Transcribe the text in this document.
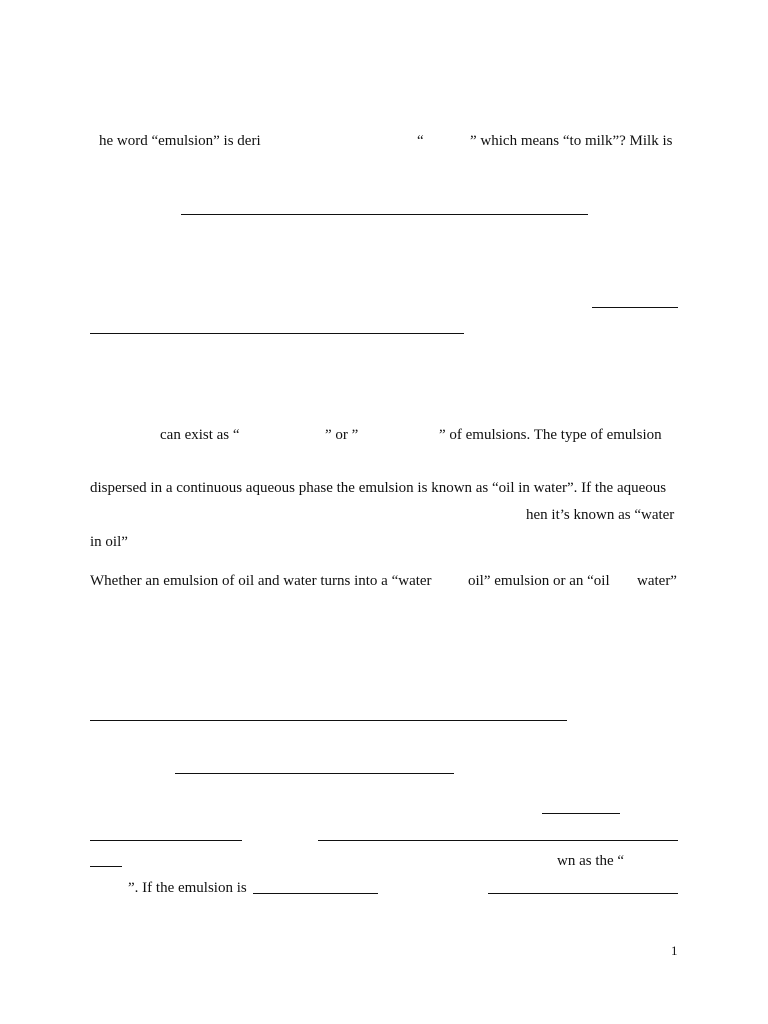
he word “emulsion” is deri	“	” which means “to milk”? Milk is
can exist as “	” or ”	” of emulsions. The type of emulsion
dispersed in a continuous aqueous phase the emulsion is known as “oil in water”. If the aqueous
hen it’s known as “water
in oil”
Whether an emulsion of oil and water turns into a “water oil” emulsion or an “oil water”
wn as the “
”. If the emulsion is
1
